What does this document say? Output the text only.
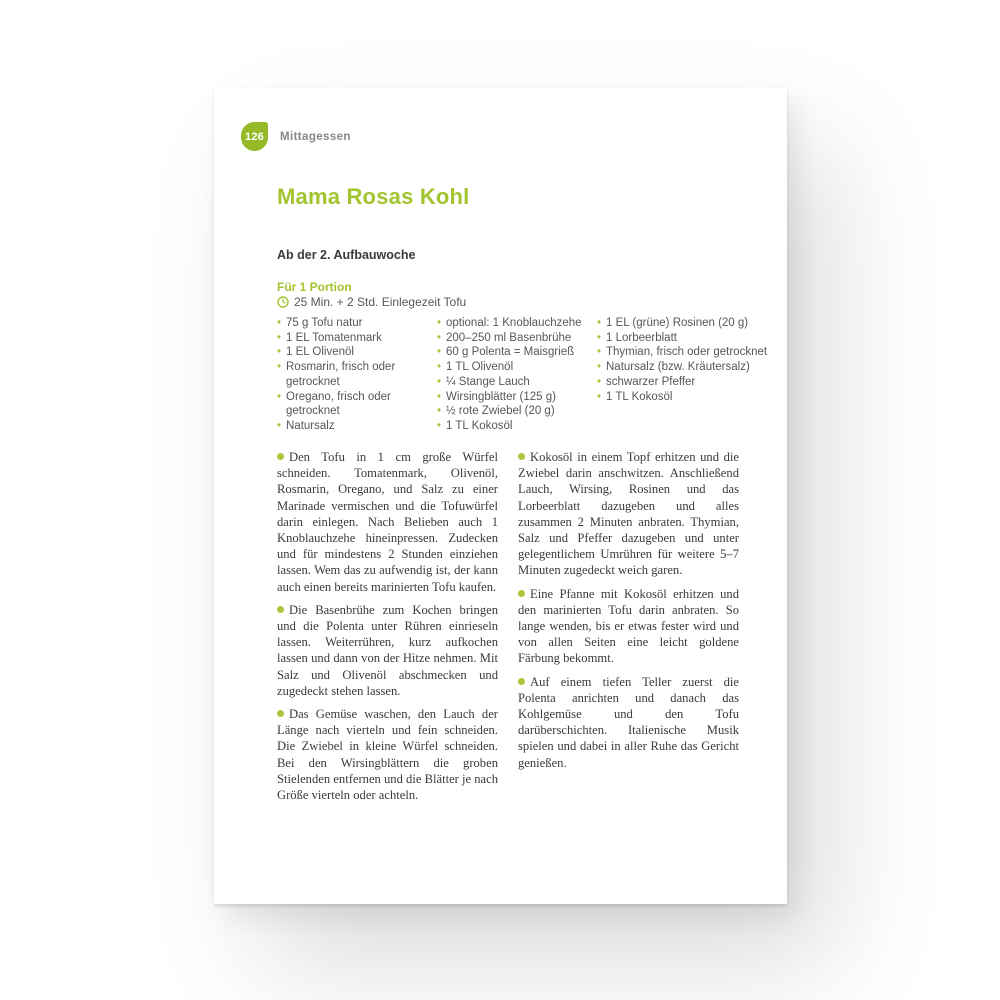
126	Mittagessen
Mama Rosas Kohl
Ab der 2. Aufbauwoche
Für 1 Portion
25 Min. + 2 Std. Einlegezeit Tofu
• 75 g Tofu natur
• 1 EL Tomatenmark
• 1 EL Olivenöl
• Rosmarin, frisch oder getrocknet
• Oregano, frisch oder getrocknet
• Natursalz
• optional: 1 Knoblauchzehe
• 200–250 ml Basenbrühe
• 60 g Polenta = Maisgrieß
• 1 TL Olivenöl
• ¼ Stange Lauch
• Wirsingblätter (125 g)
• ½ rote Zwiebel (20 g)
• 1 TL Kokosöl
• 1 EL (grüne) Rosinen (20 g)
• 1 Lorbeerblatt
• Thymian, frisch oder getrocknet
• Natursalz (bzw. Kräutersalz)
• schwarzer Pfeffer
• 1 TL Kokosöl

Den Tofu in 1 cm große Würfel schneiden. Tomatenmark, Olivenöl, Rosmarin, Oregano, und Salz zu einer Marinade vermischen und die Tofuwürfel darin einlegen. Nach Belieben auch 1 Knoblauchzehe hineinpressen. Zudecken und für mindestens 2 Stunden einziehen lassen. Wem das zu aufwendig ist, der kann auch einen bereits marinierten Tofu kaufen.

Die Basenbrühe zum Kochen bringen und die Polenta unter Rühren einrieseln lassen. Weiterrühren, kurz aufkochen lassen und dann von der Hitze nehmen. Mit Salz und Olivenöl abschmecken und zugedeckt stehen lassen.

Das Gemüse waschen, den Lauch der Länge nach vierteln und fein schneiden. Die Zwiebel in kleine Würfel schneiden. Bei den Wirsingblättern die groben Stielenden entfernen und die Blätter je nach Größe vierteln oder achteln.

Kokosöl in einem Topf erhitzen und die Zwiebel darin anschwitzen. Anschließend Lauch, Wirsing, Rosinen und das Lorbeerblatt dazugeben und alles zusammen 2 Minuten anbraten. Thymian, Salz und Pfeffer dazugeben und unter gelegentlichem Umrühren für weitere 5–7 Minuten zugedeckt weich garen.

Eine Pfanne mit Kokosöl erhitzen und den marinierten Tofu darin anbraten. So lange wenden, bis er etwas fester wird und von allen Seiten eine leicht goldene Färbung bekommt.

Auf einem tiefen Teller zuerst die Polenta anrichten und danach das Kohlgemüse und den Tofu darüberschichten. Italienische Musik spielen und dabei in aller Ruhe das Gericht genießen.
